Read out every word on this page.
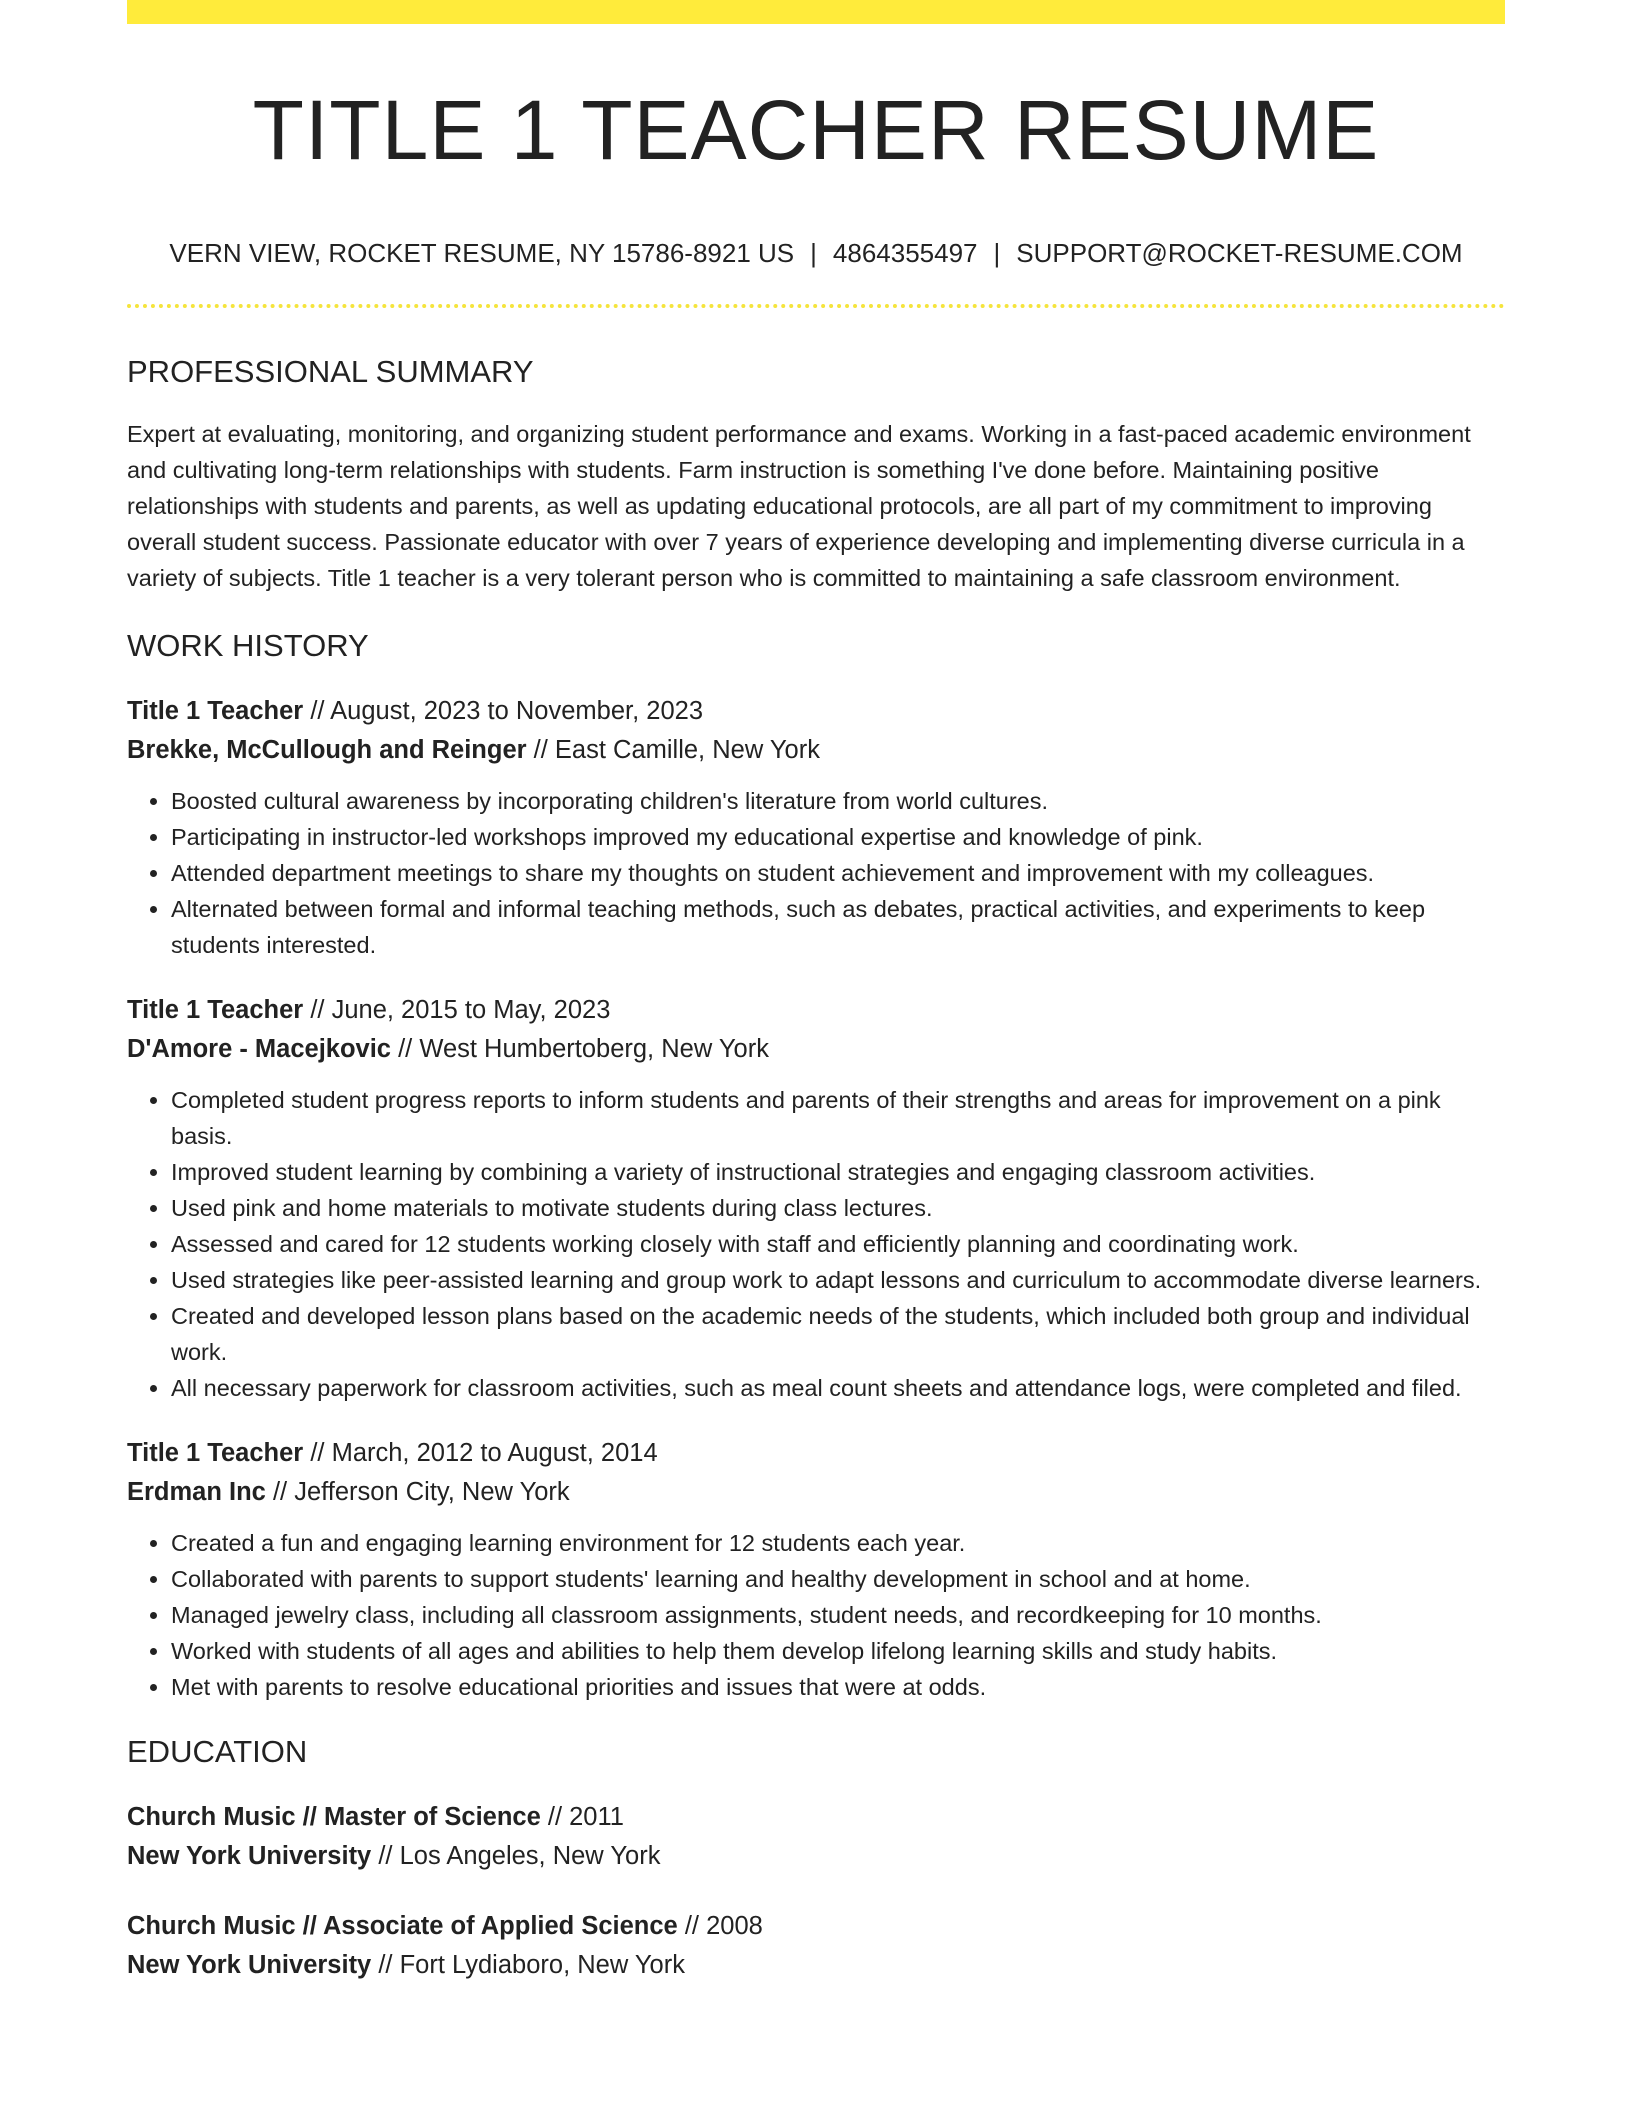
TITLE 1 TEACHER RESUME
VERN VIEW, ROCKET RESUME, NY 15786-8921 US | 4864355497 | SUPPORT@ROCKET-RESUME.COM
PROFESSIONAL SUMMARY

Expert at evaluating, monitoring, and organizing student performance and exams. Working in a fast-paced academic environment and cultivating long-term relationships with students. Farm instruction is something I've done before. Maintaining positive relationships with students and parents, as well as updating educational protocols, are all part of my commitment to improving overall student success. Passionate educator with over 7 years of experience developing and implementing diverse curricula in a variety of subjects. Title 1 teacher is a very tolerant person who is committed to maintaining a safe classroom environment.

WORK HISTORY
Title 1 Teacher // August, 2023 to November, 2023
Brekke, McCullough and Reinger // East Camille, New York
• Boosted cultural awareness by incorporating children's literature from world cultures.
• Participating in instructor-led workshops improved my educational expertise and knowledge of pink.
• Attended department meetings to share my thoughts on student achievement and improvement with my colleagues.
• Alternated between formal and informal teaching methods, such as debates, practical activities, and experiments to keep students interested.
Title 1 Teacher // June, 2015 to May, 2023
D'Amore - Macejkovic // West Humbertoberg, New York
• Completed student progress reports to inform students and parents of their strengths and areas for improvement on a pink basis.
• Improved student learning by combining a variety of instructional strategies and engaging classroom activities.
• Used pink and home materials to motivate students during class lectures.
• Assessed and cared for 12 students working closely with staff and efficiently planning and coordinating work.
• Used strategies like peer-assisted learning and group work to adapt lessons and curriculum to accommodate diverse learners.
• Created and developed lesson plans based on the academic needs of the students, which included both group and individual work.
• All necessary paperwork for classroom activities, such as meal count sheets and attendance logs, were completed and filed.
Title 1 Teacher // March, 2012 to August, 2014
Erdman Inc // Jefferson City, New York
• Created a fun and engaging learning environment for 12 students each year.
• Collaborated with parents to support students' learning and healthy development in school and at home.
• Managed jewelry class, including all classroom assignments, student needs, and recordkeeping for 10 months.
• Worked with students of all ages and abilities to help them develop lifelong learning skills and study habits.
• Met with parents to resolve educational priorities and issues that were at odds.
EDUCATION
Church Music // Master of Science // 2011
New York University // Los Angeles, New York
Church Music // Associate of Applied Science // 2008
New York University // Fort Lydiaboro, New York
